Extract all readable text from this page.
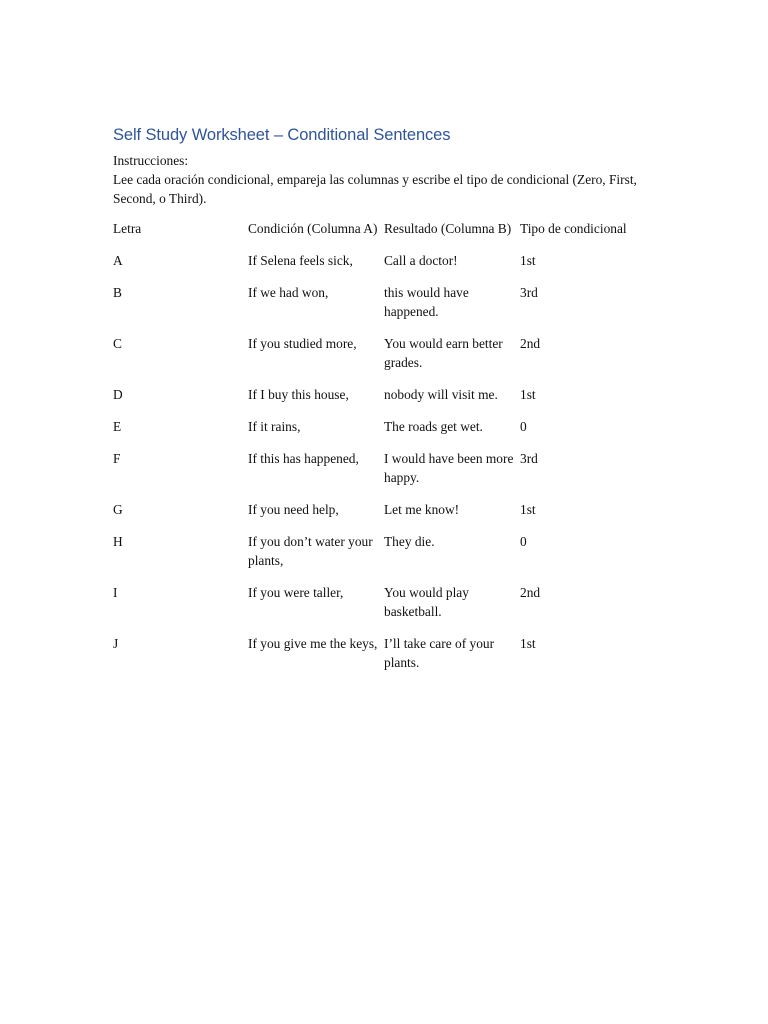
Self Study Worksheet – Conditional Sentences

Instrucciones:

Lee cada oración condicional, empareja las columnas y escribe el tipo de condicional (Zero, First, Second, o Third).

Letra	Condición (Columna A)	Resultado (Columna B)	Tipo de condicional

A	If Selena feels sick,	Call a doctor!	1st

B	If we had won,	this would have happened.	3rd

C	If you studied more,	You would earn better grades.	2nd

D	If I buy this house,	nobody will visit me.	1st

E	If it rains,	The roads get wet.	0

F	If this has happened,	I would have been more happy.	3rd

G	If you need help,	Let me know!	1st

H	If you don’t water your plants,	They die.	0

I	If you were taller,	You would play basketball.	2nd

J	If you give me the keys,	I’ll take care of your plants.	1st
